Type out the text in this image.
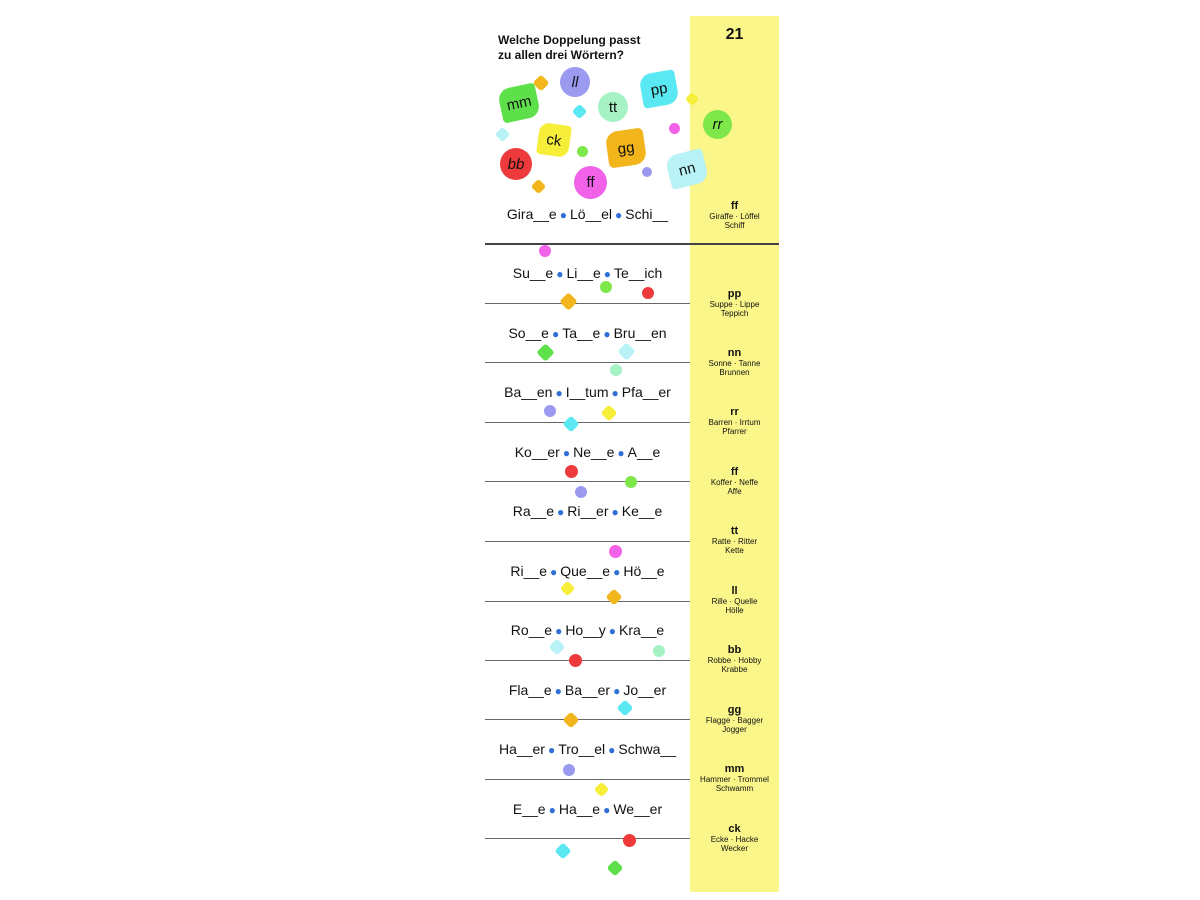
21
Welche Doppelung passt
zu allen drei Wörtern?
ll
mm	tt
pp
rr
ck	gg
bb
ff
nn
Gira__e ● Lö__el ● Schi__	ff
Giraffe · Löffel
Schiff
Su__e ● Li__e ● Te__ich
pp
Suppe · Lippe
Teppich
So__e ● Ta__e ● Bru__en
nn
Sonne · Tanne
Brunnen
Ba__en ● I__tum ● Pfa__er
rr
Barren · Irrtum
Pfarrer
Ko__er ● Ne__e ● A__e
ff
Koffer · Neffe
Affe
Ra__e ● Ri__er ● Ke__e
tt
Ratte · Ritter
Kette
Ri__e ● Que__e ● Hö__e
ll
Rille · Quelle
Hölle
Ro__e ● Ho__y ● Kra__e
bb
Robbe · Hobby
Krabbe
Fla__e ● Ba__er ● Jo__er
gg
Flagge · Bagger
Jogger
Ha__er ● Tro__el ● Schwa__
mm
Hammer · Trommel
Schwamm
E__e ● Ha__e ● We__er
ck
Ecke · Hacke
Wecker
